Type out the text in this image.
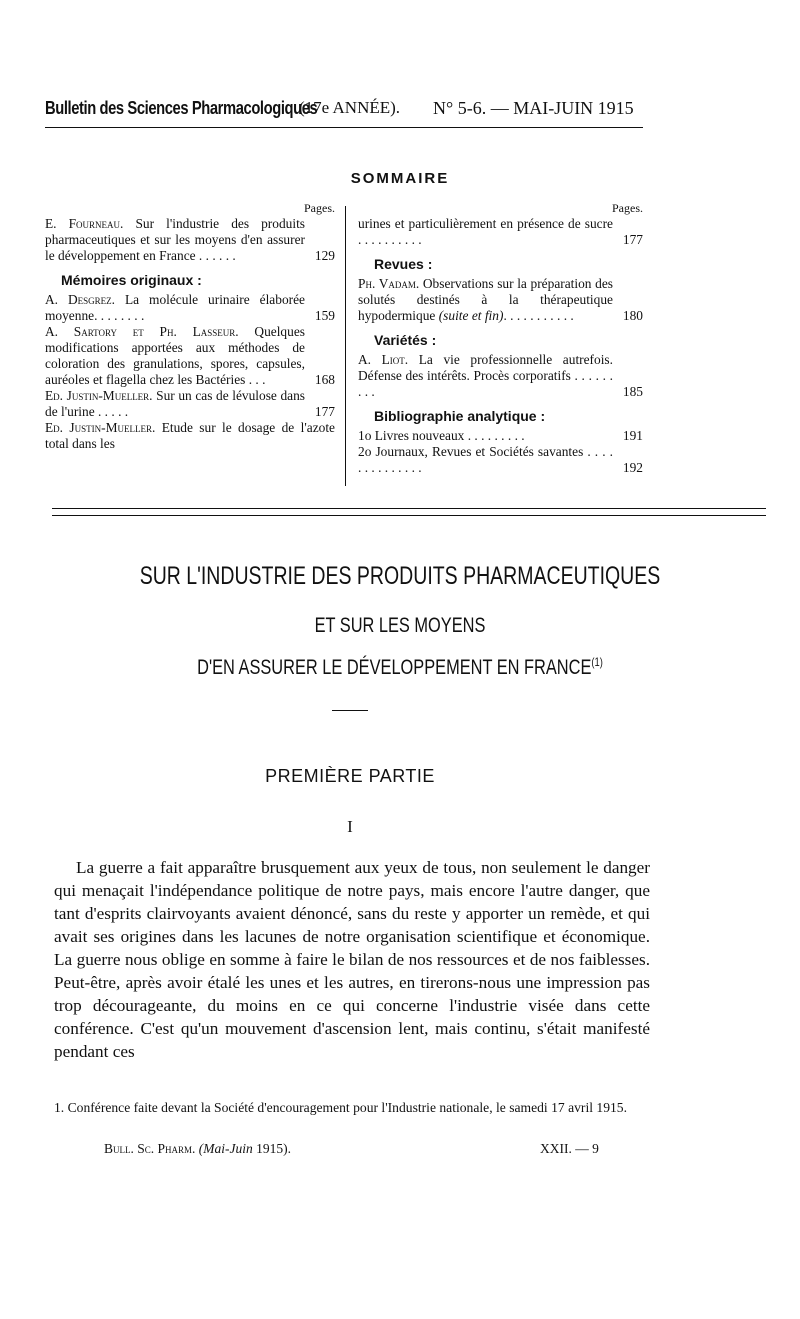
Bulletin des Sciences Pharmacologiques
(17e ANNÉE). N° 5-6. — MAI-JUIN 1915
SOMMAIRE
Pages.

E. Fourneau. Sur l'industrie des produits pharmaceutiques et sur les moyens d'en assurer le développement en France . . . . . .	129

Mémoires originaux :

A. Desgrez. La molécule urinaire élaborée moyenne. . . . . . . .	159

A. Sartory et Ph. Lasseur. Quelques modifications apportées aux méthodes de coloration des granulations, spores, capsules, auréoles et flagella chez les Bactéries . . .	168

Ed. Justin-Mueller. Sur un cas de lévulose dans de l'urine . . . . .	177

Ed. Justin-Mueller. Etude sur le dosage de l'azote total dans les

Pages.

urines et particulièrement en présence de sucre . . . . . . . . . .	177

Revues :

Ph. Vadam. Observations sur la préparation des solutés destinés à la thérapeutique hypodermique (suite et fin). . . . . . . . . . .	180

Variétés :

A. Liot. La vie professionnelle autrefois. Défense des intérêts. Procès corporatifs . . . . . . . . .	185

Bibliographie analytique :

1o Livres nouveaux . . . . . . . . .	191

2o Journaux, Revues et Sociétés savantes . . . . . . . . . . . . . .	192

SUR L'INDUSTRIE DES PRODUITS PHARMACEUTIQUES
ET SUR LES MOYENS
D'EN ASSURER LE DÉVELOPPEMENT EN FRANCE$^{(1)}$
PREMIÈRE PARTIE
I

La guerre a fait apparaître brusquement aux yeux de tous, non seulement le danger qui menaçait l'indépendance politique de notre pays, mais encore l'autre danger, que tant d'esprits clairvoyants avaient dénoncé, sans du reste y apporter un remède, et qui avait ses origines dans les lacunes de notre organisation scientifique et économique. La guerre nous oblige en somme à faire le bilan de nos ressources et de nos faiblesses. Peut-être, après avoir étalé les unes et les autres, en tirerons-nous une impression pas trop décourageante, du moins en ce qui concerne l'industrie visée dans cette conférence. C'est qu'un mouvement d'ascension lent, mais continu, s'était manifesté pendant ces

1. Conférence faite devant la Société d'encouragement pour l'Industrie nationale, le samedi 17 avril 1915.
Bull. Sc. Pharm. (Mai-Juin 1915).	XXII. — 9
